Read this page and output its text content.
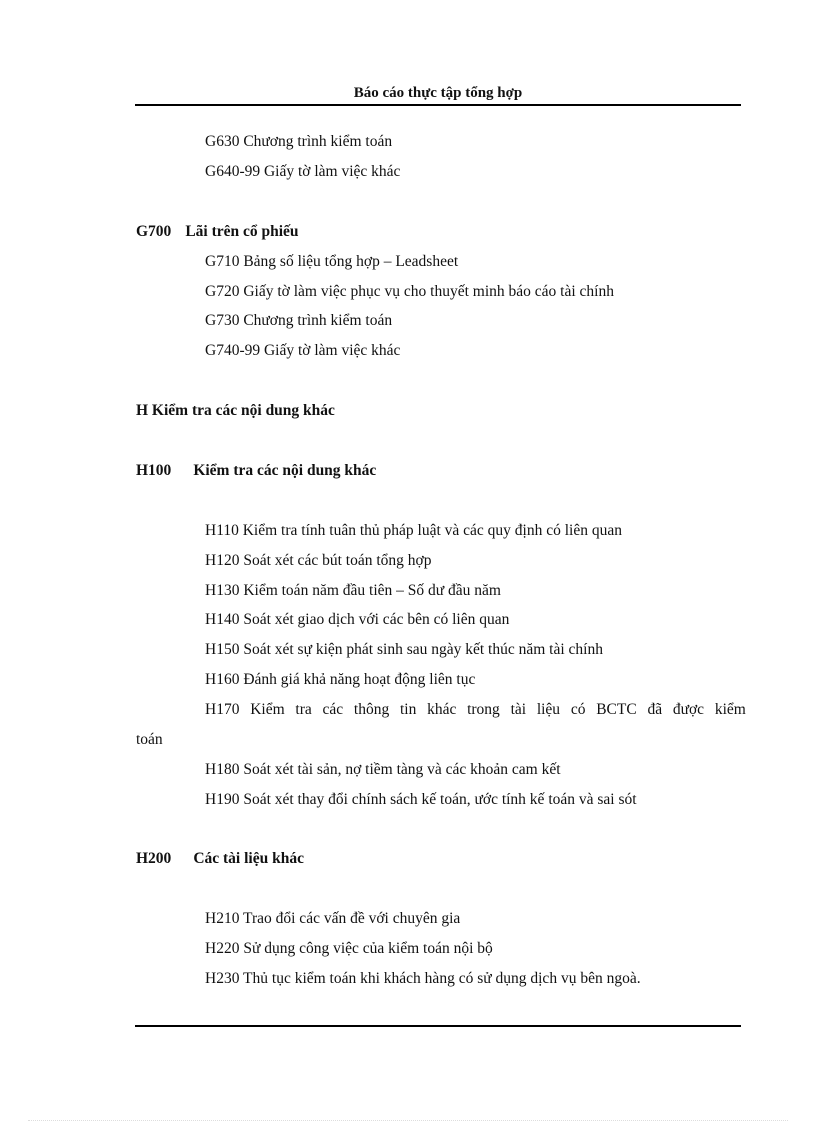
Báo cáo thực tập tổng hợp
G630 Chương trình kiểm toán
G640-99 Giấy tờ làm việc khác
G700 Lãi trên cổ phiếu
G710 Bảng số liệu tổng hợp – Leadsheet
G720 Giấy tờ làm việc phục vụ cho thuyết minh báo cáo tài chính
G730 Chương trình kiểm toán
G740-99 Giấy tờ làm việc khác
H Kiểm tra các nội dung khác
H100 Kiểm tra các nội dung khác
H110 Kiểm tra tính tuân thủ pháp luật và các quy định có liên quan
H120 Soát xét các bút toán tổng hợp
H130 Kiểm toán năm đầu tiên – Số dư đầu năm
H140 Soát xét giao dịch với các bên có liên quan
H150 Soát xét sự kiện phát sinh sau ngày kết thúc năm tài chính
H160 Đánh giá khả năng hoạt động liên tục
H170 Kiểm tra các thông tin khác trong tài liệu có BCTC đã được kiểm
toán
H180 Soát xét tài sản, nợ tiềm tàng và các khoản cam kết
H190 Soát xét thay đổi chính sách kế toán, ước tính kế toán và sai sót
H200 Các tài liệu khác
H210 Trao đổi các vấn đề với chuyên gia
H220 Sử dụng công việc của kiểm toán nội bộ
H230 Thủ tục kiểm toán khi khách hàng có sử dụng dịch vụ bên ngoà.
